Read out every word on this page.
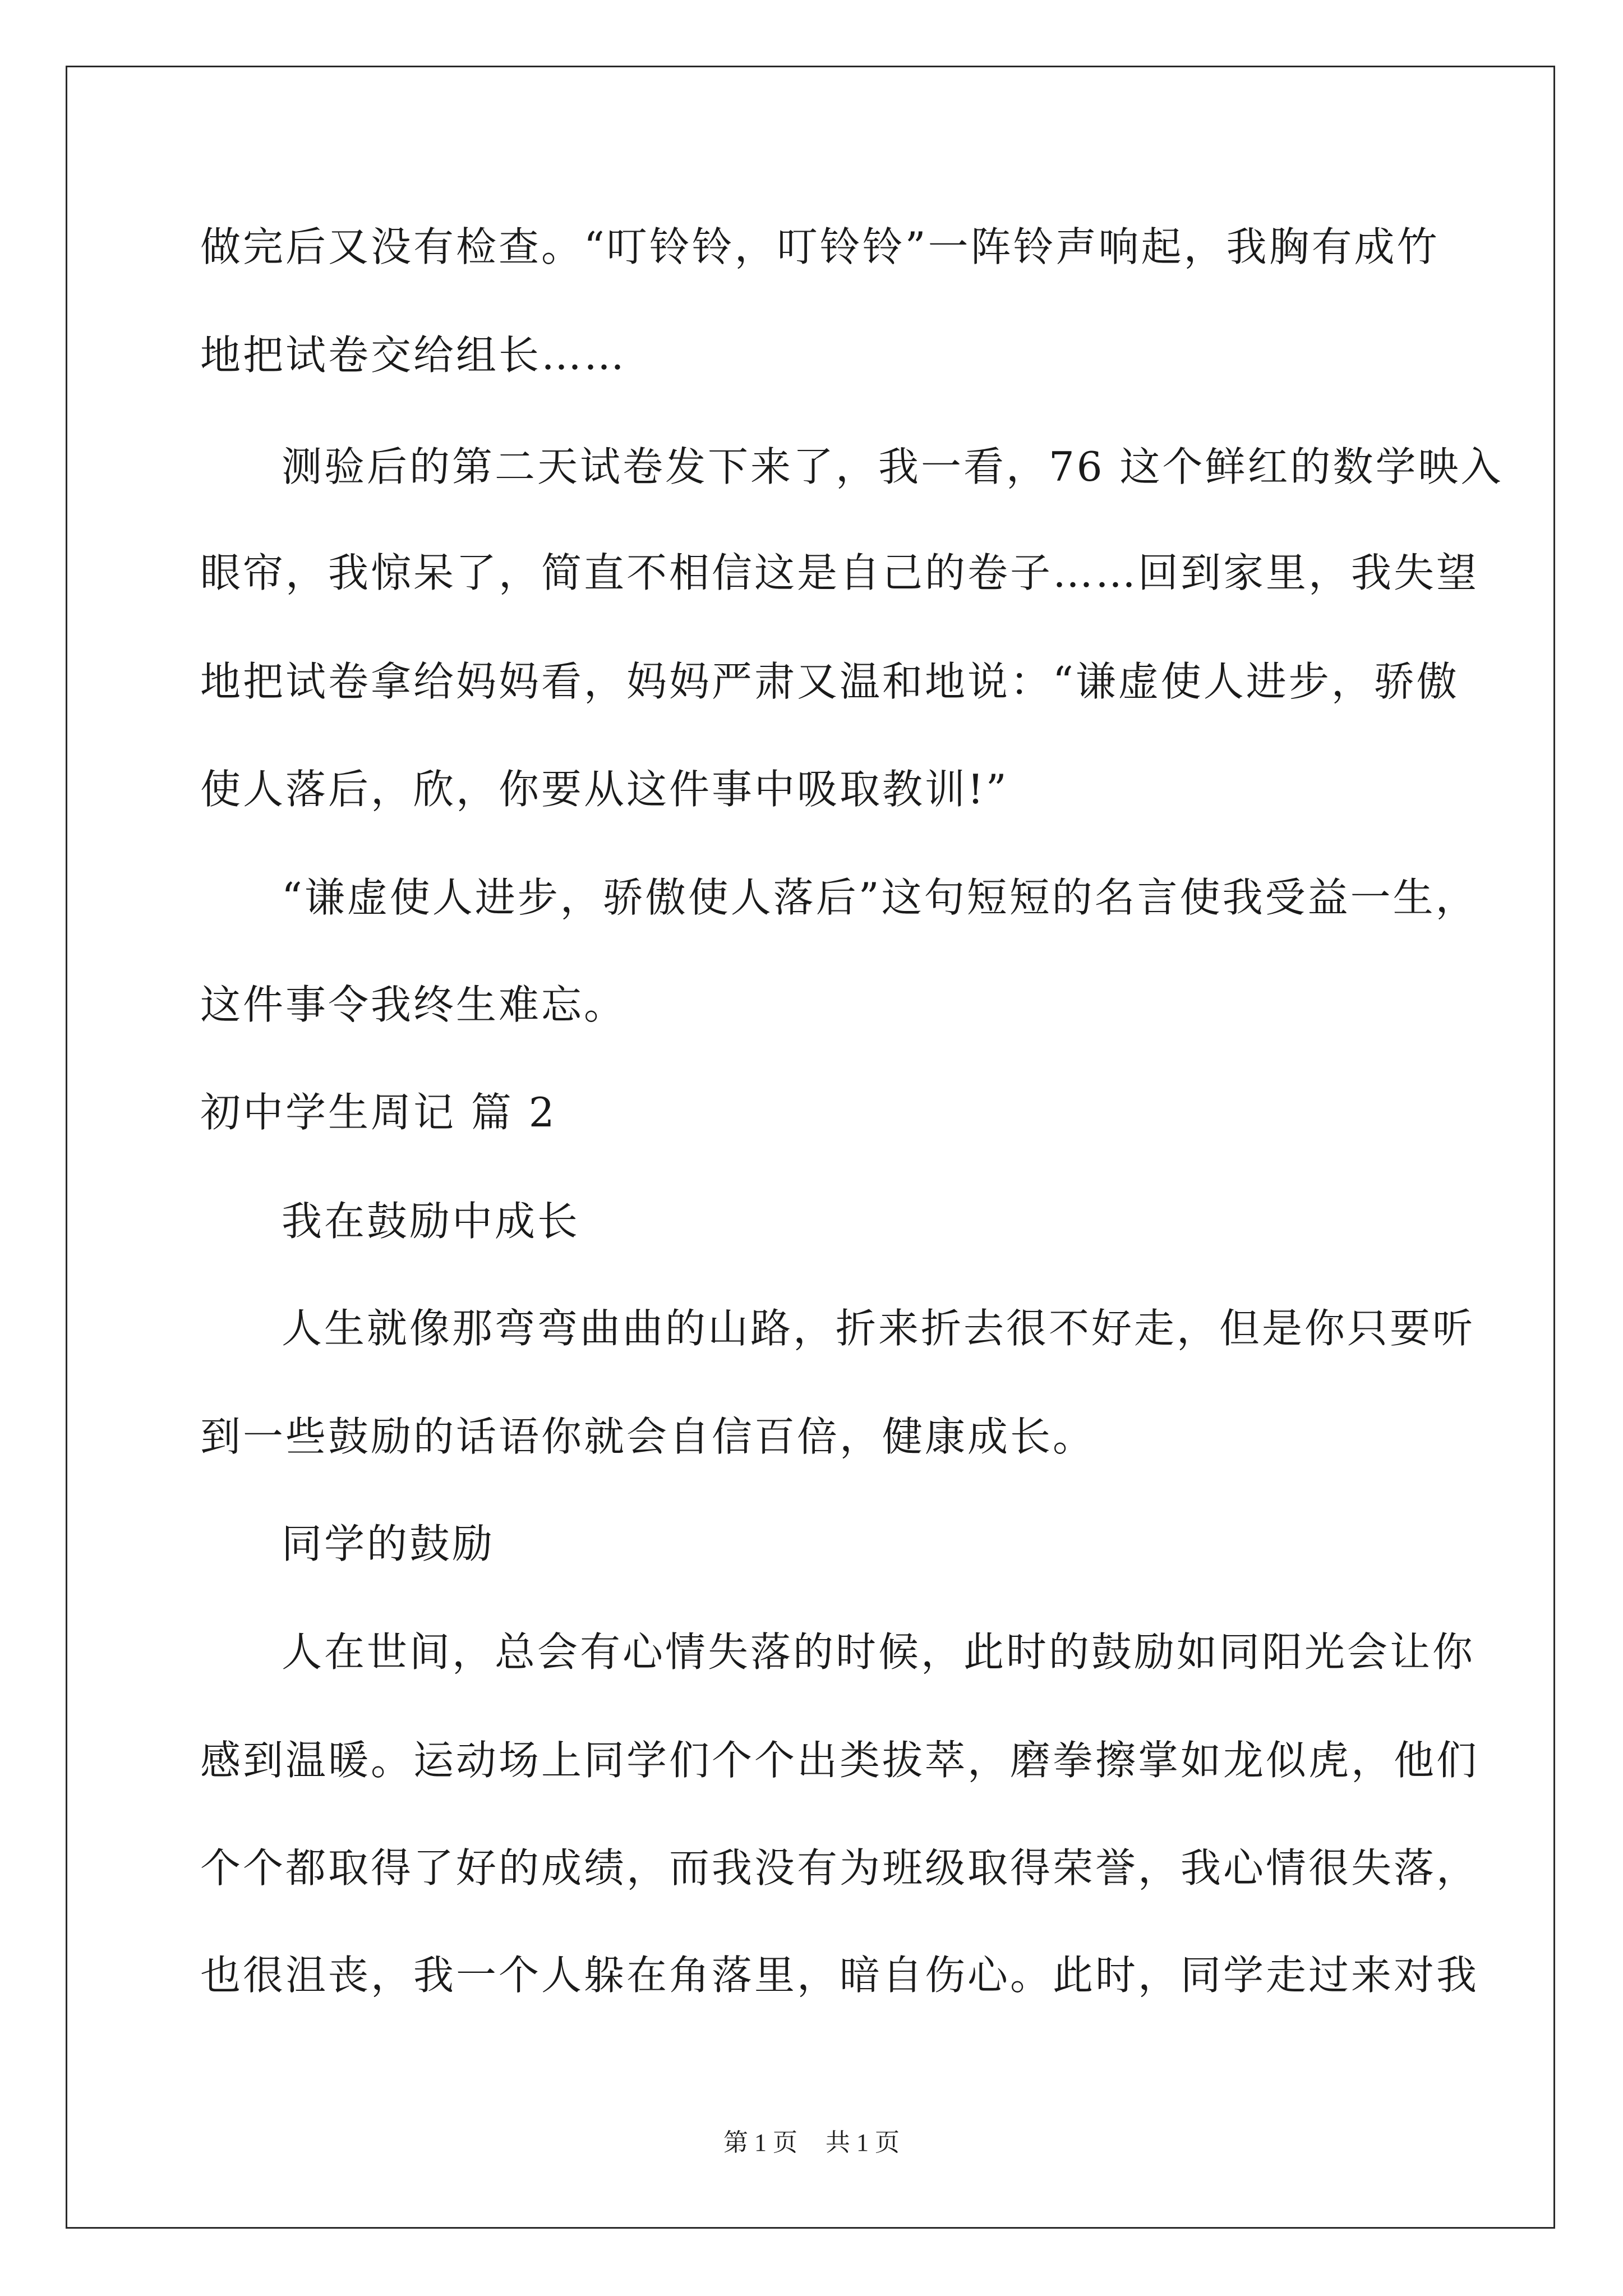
做完后又没有检查。“叮铃铃，叮铃铃”一阵铃声响起，我胸有成竹
地把试卷交给组长……
测验后的第二天试卷发下来了，我一看，76 这个鲜红的数学映入
眼帘，我惊呆了，简直不相信这是自己的卷子……回到家里，我失望
地把试卷拿给妈妈看，妈妈严肃又温和地说：“谦虚使人进步，骄傲
使人落后，欣，你要从这件事中吸取教训!”
“谦虚使人进步，骄傲使人落后”这句短短的名言使我受益一生，
这件事令我终生难忘。
初中学生周记 篇 2
我在鼓励中成长
人生就像那弯弯曲曲的山路，折来折去很不好走，但是你只要听
到一些鼓励的话语你就会自信百倍，健康成长。
同学的鼓励
人在世间，总会有心情失落的时候，此时的鼓励如同阳光会让你
感到温暖。运动场上同学们个个出类拔萃，磨拳擦掌如龙似虎，他们
个个都取得了好的成绩，而我没有为班级取得荣誉，我心情很失落，
也很沮丧，我一个人躲在角落里，暗自伤心。此时，同学走过来对我
第 1 页 共 1 页
